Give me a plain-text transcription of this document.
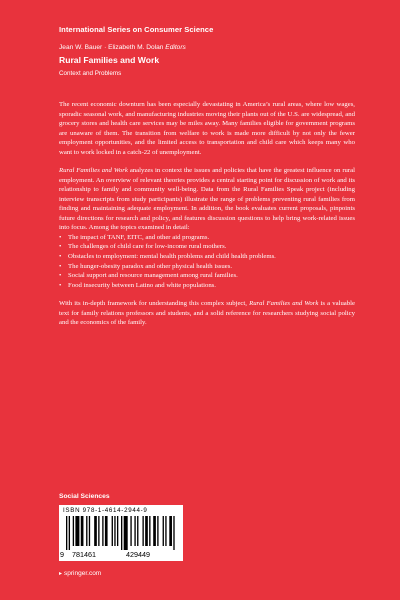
International Series on Consumer Science
Jean W. Bauer · Elizabeth M. Dolan Editors
Rural Families and Work
Context and Problems

The recent economic downturn has been especially devastating in America’s rural areas, where low wages, sporadic seasonal work, and manufacturing industries moving their plants out of the U.S. are widespread, and grocery stores and health care services may be miles away. Many families eligible for government programs are unaware of them. The transition from welfare to work is made more difficult by not only the fewer employment opportunities, and the limited access to transportation and child care which keeps many who want to work locked in a catch-22 of unemployment.

Rural Families and Work analyzes in context the issues and policies that have the greatest influence on rural employment. An overview of relevant theories provides a central starting point for discussion of work and its relationship to family and community well-being. Data from the Rural Families Speak project (including interview transcripts from study participants) illustrate the range of problems preventing rural families from finding and maintaining adequate employment. In addition, the book evaluates current proposals, pinpoints future directions for research and policy, and features discussion questions to help bring work-related issues into focus. Among the topics examined in detail:

• The impact of TANF, EITC, and other aid programs.
• The challenges of child care for low-income rural mothers.
• Obstacles to employment: mental health problems and child health problems.
• The hunger-obesity paradox and other physical health issues.
• Social support and resource management among rural families.
• Food insecurity between Latino and white populations.

With its in-depth framework for understanding this complex subject, Rural Families and Work is a valuable text for family relations professors and students, and a solid reference for researchers studying social policy and the economics of the family.

Social Sciences
ISBN 978-1-4614-2944-9
9 781461	429449
▸ springer.com
